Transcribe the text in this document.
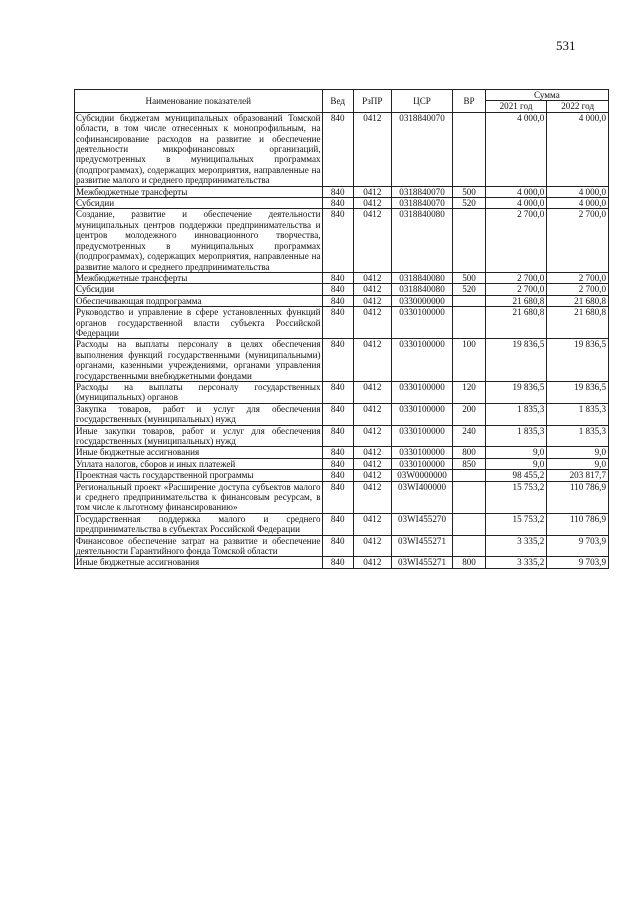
531
Наименование показателей	Вед	РзПР	ЦСР	ВР	Сумма	
					2021 год	2022 год
Субсидии бюджетам муниципальных образований Томской области, в том числе отнесенных к монопрофильным, на софинансирование расходов на развитие и обеспечение деятельности микрофинансовых организаций, предусмотренных в муниципальных программах (подпрограммах), содержащих мероприятия, направленные на развитие малого и среднего предпринимательства	840	0412	0318840070		4 000,0	4 000,0
Межбюджетные трансферты	840	0412	0318840070	500	4 000,0	4 000,0
Субсидии	840	0412	0318840070	520	4 000,0	4 000,0
Создание, развитие и обеспечение деятельности муниципальных центров поддержки предпринимательства и центров молодежного инновационного творчества, предусмотренных в муниципальных программах (подпрограммах), содержащих мероприятия, направленные на развитие малого и среднего предпринимательства	840	0412	0318840080		2 700,0	2 700,0
Межбюджетные трансферты	840	0412	0318840080	500	2 700,0	2 700,0
Субсидии	840	0412	0318840080	520	2 700,0	2 700,0
Обеспечивающая подпрограмма	840	0412	0330000000		21 680,8	21 680,8
Руководство и управление в сфере установленных функций органов государственной власти субъекта Российской Федерации	840	0412	0330100000		21 680,8	21 680,8
Расходы на выплаты персоналу в целях обеспечения выполнения функций государственными (муниципальными) органами, казенными учреждениями, органами управления государственными внебюджетными фондами	840	0412	0330100000	100	19 836,5	19 836,5
Расходы на выплаты персоналу государственных (муниципальных) органов	840	0412	0330100000	120	19 836,5	19 836,5
Закупка товаров, работ и услуг для обеспечения государственных (муниципальных) нужд	840	0412	0330100000	200	1 835,3	1 835,3
Иные закупки товаров, работ и услуг для обеспечения государственных (муниципальных) нужд	840	0412	0330100000	240	1 835,3	1 835,3
Иные бюджетные ассигнования	840	0412	0330100000	800	9,0	9,0
Уплата налогов, сборов и иных платежей	840	0412	0330100000	850	9,0	9,0
Проектная часть государственной программы	840	0412	03W0000000		98 455,2	203 817,7
Региональный проект «Расширение доступа субъектов малого и среднего предпринимательства к финансовым ресурсам, в том числе к льготному финансированию»	840	0412	03WI400000		15 753,2	110 786,9
Государственная поддержка малого и среднего предпринимательства в субъектах Российской Федерации	840	0412	03WI455270		15 753,2	110 786,9
Финансовое обеспечение затрат на развитие и обеспечение деятельности Гарантийного фонда Томской области	840	0412	03WI455271		3 335,2	9 703,9
Иные бюджетные ассигнования	840	0412	03WI455271	800	3 335,2	9 703,9
